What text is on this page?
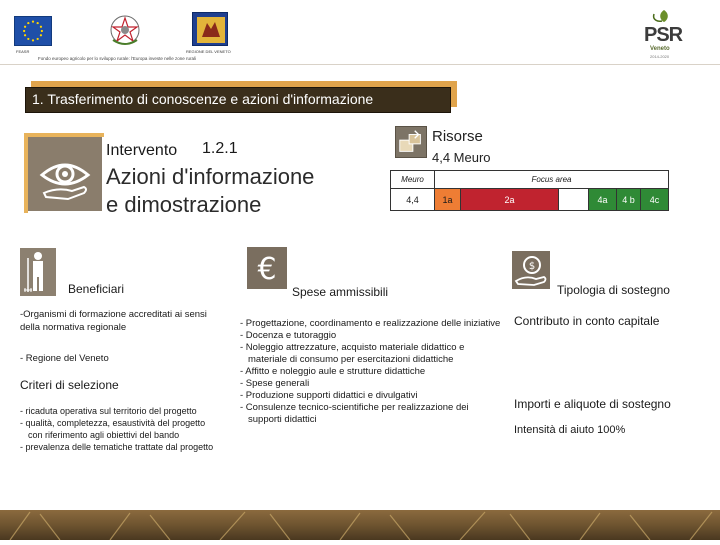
FEASR	REGIONE DEL VENETO
Fondo europeo agricolo per lo sviluppo rurale: l'Europa investe nelle zone rurali
PSR
Veneto
2014-2020
1. Trasferimento di conoscenze e azioni d'informazione
Intervento 1.2.1
Azioni d'informazione
e dimostrazione
Risorse
4,4 Meuro
Meuro	Focus area					
4,4	1a	2a		4a	4 b	4c
Beneficiari
-Organismi di formazione accreditati ai sensi della normativa regionale
- Regione del Veneto
Criteri di selezione
- ricaduta operativa sul territorio del progetto
- qualità, completezza, esaustività del progetto con riferimento agli obiettivi del bando
- prevalenza delle tematiche trattate dal progetto
€
Spese ammissibili
- Progettazione, coordinamento e realizzazione delle iniziative
- Docenza e tutoraggio
- Noleggio attrezzature, acquisto materiale didattico e materiale di consumo per esercitazioni didattiche
- Affitto e noleggio aule e strutture didattiche
- Spese generali
- Produzione supporti didattici e divulgativi
- Consulenze tecnico-scientifiche per realizzazione dei supporti didattici
$
Tipologia di sostegno
Contributo in conto capitale
Importi e aliquote di sostegno
Intensità di aiuto 100%
